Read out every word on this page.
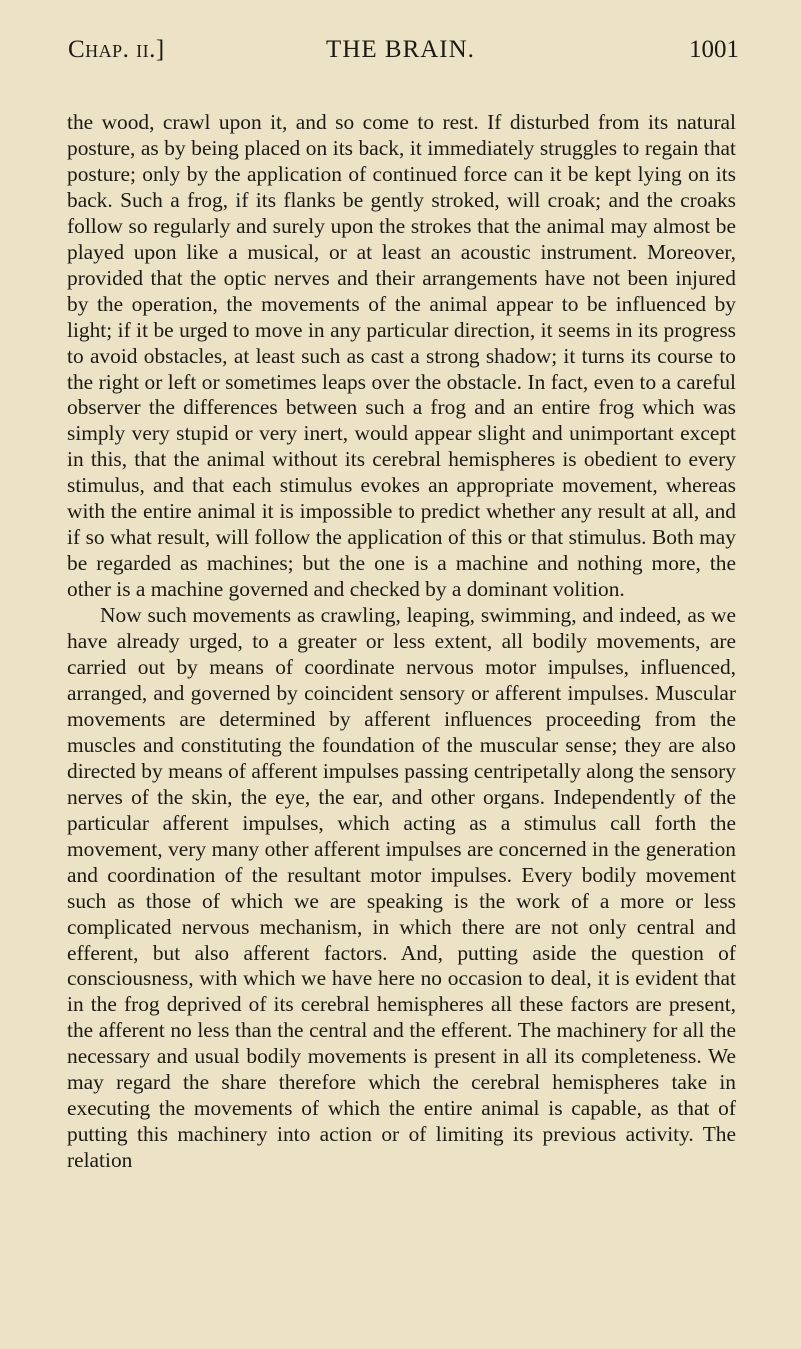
Chap. ii.]	THE BRAIN.	1001

the wood, crawl upon it, and so come to rest. If disturbed from its natural posture, as by being placed on its back, it immediately struggles to regain that posture; only by the application of continued force can it be kept lying on its back. Such a frog, if its flanks be gently stroked, will croak; and the croaks follow so regularly and surely upon the strokes that the animal may almost be played upon like a musical, or at least an acoustic instrument. Moreover, provided that the optic nerves and their arrangements have not been injured by the operation, the movements of the animal appear to be influenced by light; if it be urged to move in any particular direction, it seems in its progress to avoid obstacles, at least such as cast a strong shadow; it turns its course to the right or left or sometimes leaps over the obstacle. In fact, even to a careful observer the differences between such a frog and an entire frog which was simply very stupid or very inert, would appear slight and unimportant except in this, that the animal without its cerebral hemispheres is obedient to every stimulus, and that each stimulus evokes an appropriate movement, whereas with the entire animal it is impossible to predict whether any result at all, and if so what result, will follow the application of this or that stimulus. Both may be regarded as machines; but the one is a machine and nothing more, the other is a machine governed and checked by a dominant volition.

Now such movements as crawling, leaping, swimming, and indeed, as we have already urged, to a greater or less extent, all bodily movements, are carried out by means of coordinate nervous motor impulses, influenced, arranged, and governed by coincident sensory or afferent impulses. Muscular movements are determined by afferent influences proceeding from the muscles and constituting the foundation of the muscular sense; they are also directed by means of afferent impulses passing centripetally along the sensory nerves of the skin, the eye, the ear, and other organs. Independently of the particular afferent impulses, which acting as a stimulus call forth the movement, very many other afferent impulses are concerned in the generation and coordination of the resultant motor impulses. Every bodily movement such as those of which we are speaking is the work of a more or less complicated nervous mechanism, in which there are not only central and efferent, but also afferent factors. And, putting aside the question of consciousness, with which we have here no occasion to deal, it is evident that in the frog deprived of its cerebral hemispheres all these factors are present, the afferent no less than the central and the efferent. The machinery for all the necessary and usual bodily movements is present in all its completeness. We may regard the share therefore which the cerebral hemispheres take in executing the movements of which the entire animal is capable, as that of putting this machinery into action or of limiting its previous activity. The relation
